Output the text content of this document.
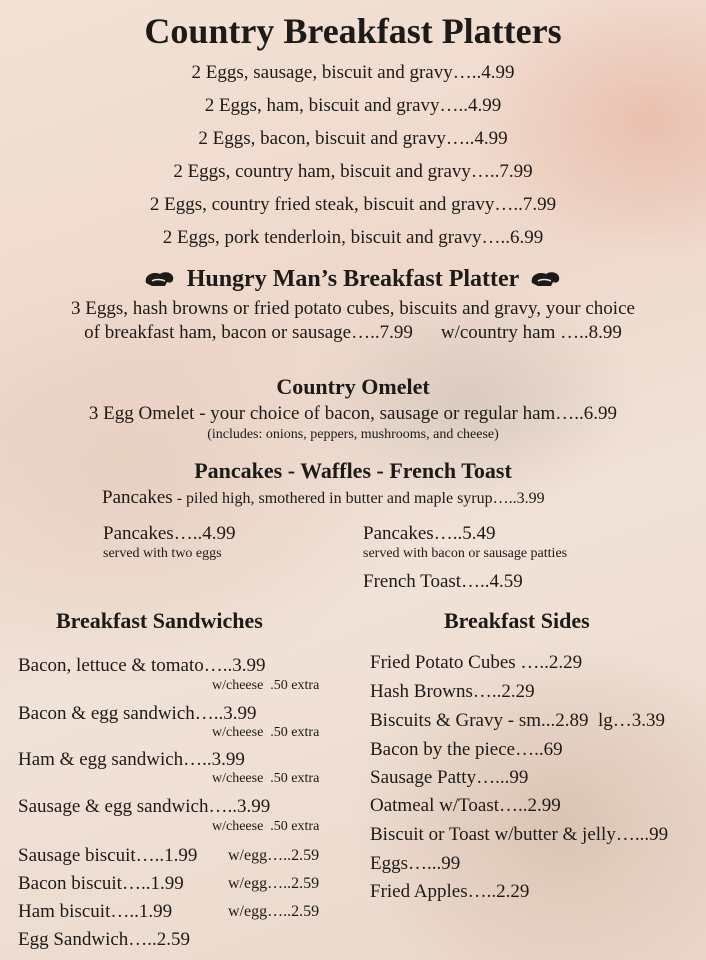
Country Breakfast Platters
2 Eggs, sausage, biscuit and gravy…..4.99
2 Eggs, ham, biscuit and gravy…..4.99
2 Eggs, bacon, biscuit and gravy…..4.99
2 Eggs, country ham, biscuit and gravy…..7.99
2 Eggs, country fried steak, biscuit and gravy…..7.99
2 Eggs, pork tenderloin, biscuit and gravy…..6.99
Hungry Man’s Breakfast Platter
3 Eggs, hash browns or fried potato cubes, biscuits and gravy, your choice
of breakfast ham, bacon or sausage…..7.99 w/country ham …..8.99
Country Omelet
3 Egg Omelet - your choice of bacon, sausage or regular ham…..6.99
(includes: onions, peppers, mushrooms, and cheese)
Pancakes - Waffles - French Toast
Pancakes - piled high, smothered in butter and maple syrup…..3.99
Pancakes…..4.99
served with two eggs
Pancakes…..5.49
served with bacon or sausage patties
French Toast…..4.59
Breakfast Sandwiches
Bacon, lettuce & tomato…..3.99
w/cheese  .50 extra
Bacon & egg sandwich…..3.99
w/cheese  .50 extra
Ham & egg sandwich…..3.99
w/cheese  .50 extra
Sausage & egg sandwich…..3.99
w/cheese  .50 extra
Sausage biscuit…..1.99 w/egg…..2.59
Bacon biscuit…..1.99	w/egg…..2.59
Ham biscuit…..1.99	w/egg…..2.59
Egg Sandwich…..2.59
Breakfast Sides
Fried Potato Cubes …..2.29
Hash Browns…..2.29
Biscuits & Gravy - sm...2.89  lg…3.39
Bacon by the piece…..69
Sausage Patty…...99
Oatmeal w/Toast…..2.99
Biscuit or Toast w/butter & jelly…...99
Eggs…...99
Fried Apples…..2.29
